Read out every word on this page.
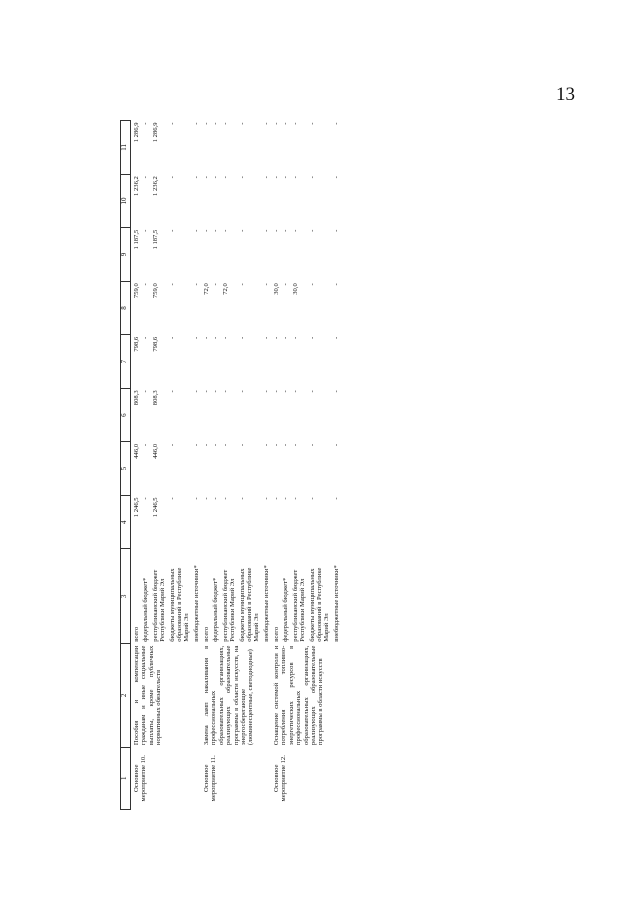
13
1	2	3	4	5	6	7	8	9	10	11
Основное мероприятие 10.	Пособия и компенсации гражданам и иные социальные выплаты, кроме публичных нормативных обязательств	всего	1 246,5	446,0	808,3	798,6	759,0	1 187,5	1 236,2	1 286,9
		федеральный бюджет*	-	-	-	-	-	-	-	-
		республиканский бюджет Республики Марий Эл	1 246,5	446,0	808,3	798,6	759,0	1 187,5	1 236,2	1 286,9
		бюджеты муниципальных образований в Республике Марий Эл	-	-	-	-	-	-	-	-
		внебюджетные источники*	-	-	-	-	-	-	-	-
Основное мероприятие 11.	Замена ламп накаливания в профессиональных образовательных организациях, реализующих образовательные программы в области искусств, на энергосберегающие (люминесцентные, светодиодные)	всего	-	-	-	-	72,0	-	-	-
		федеральный бюджет*	-	-	-	-	-	-	-	-
		республиканский бюджет Республики Марий Эл	-	-	-	-	72,0	-	-	-
		бюджеты муниципальных образований в Республике Марий Эл	-	-	-	-	-	-	-	-
		внебюджетные источники*	-	-	-	-	-	-	-	-
Основное мероприятие 12.	Оснащение системой контроля и потребления топливно-энергетических ресурсов в профессиональных образовательных организациях, реализующих образовательные программы в области искусств	всего	-	-	-	-	30,0	-	-	-
		федеральный бюджет*	-	-	-	-	-	-	-	-
		республиканский бюджет Республики Марий Эл	-	-	-	-	30,0	-	-	-
		бюджеты муниципальных образований в Республике Марий Эл	-	-	-	-	-	-	-	-
		внебюджетные источники*	-	-	-	-	-	-	-	-
